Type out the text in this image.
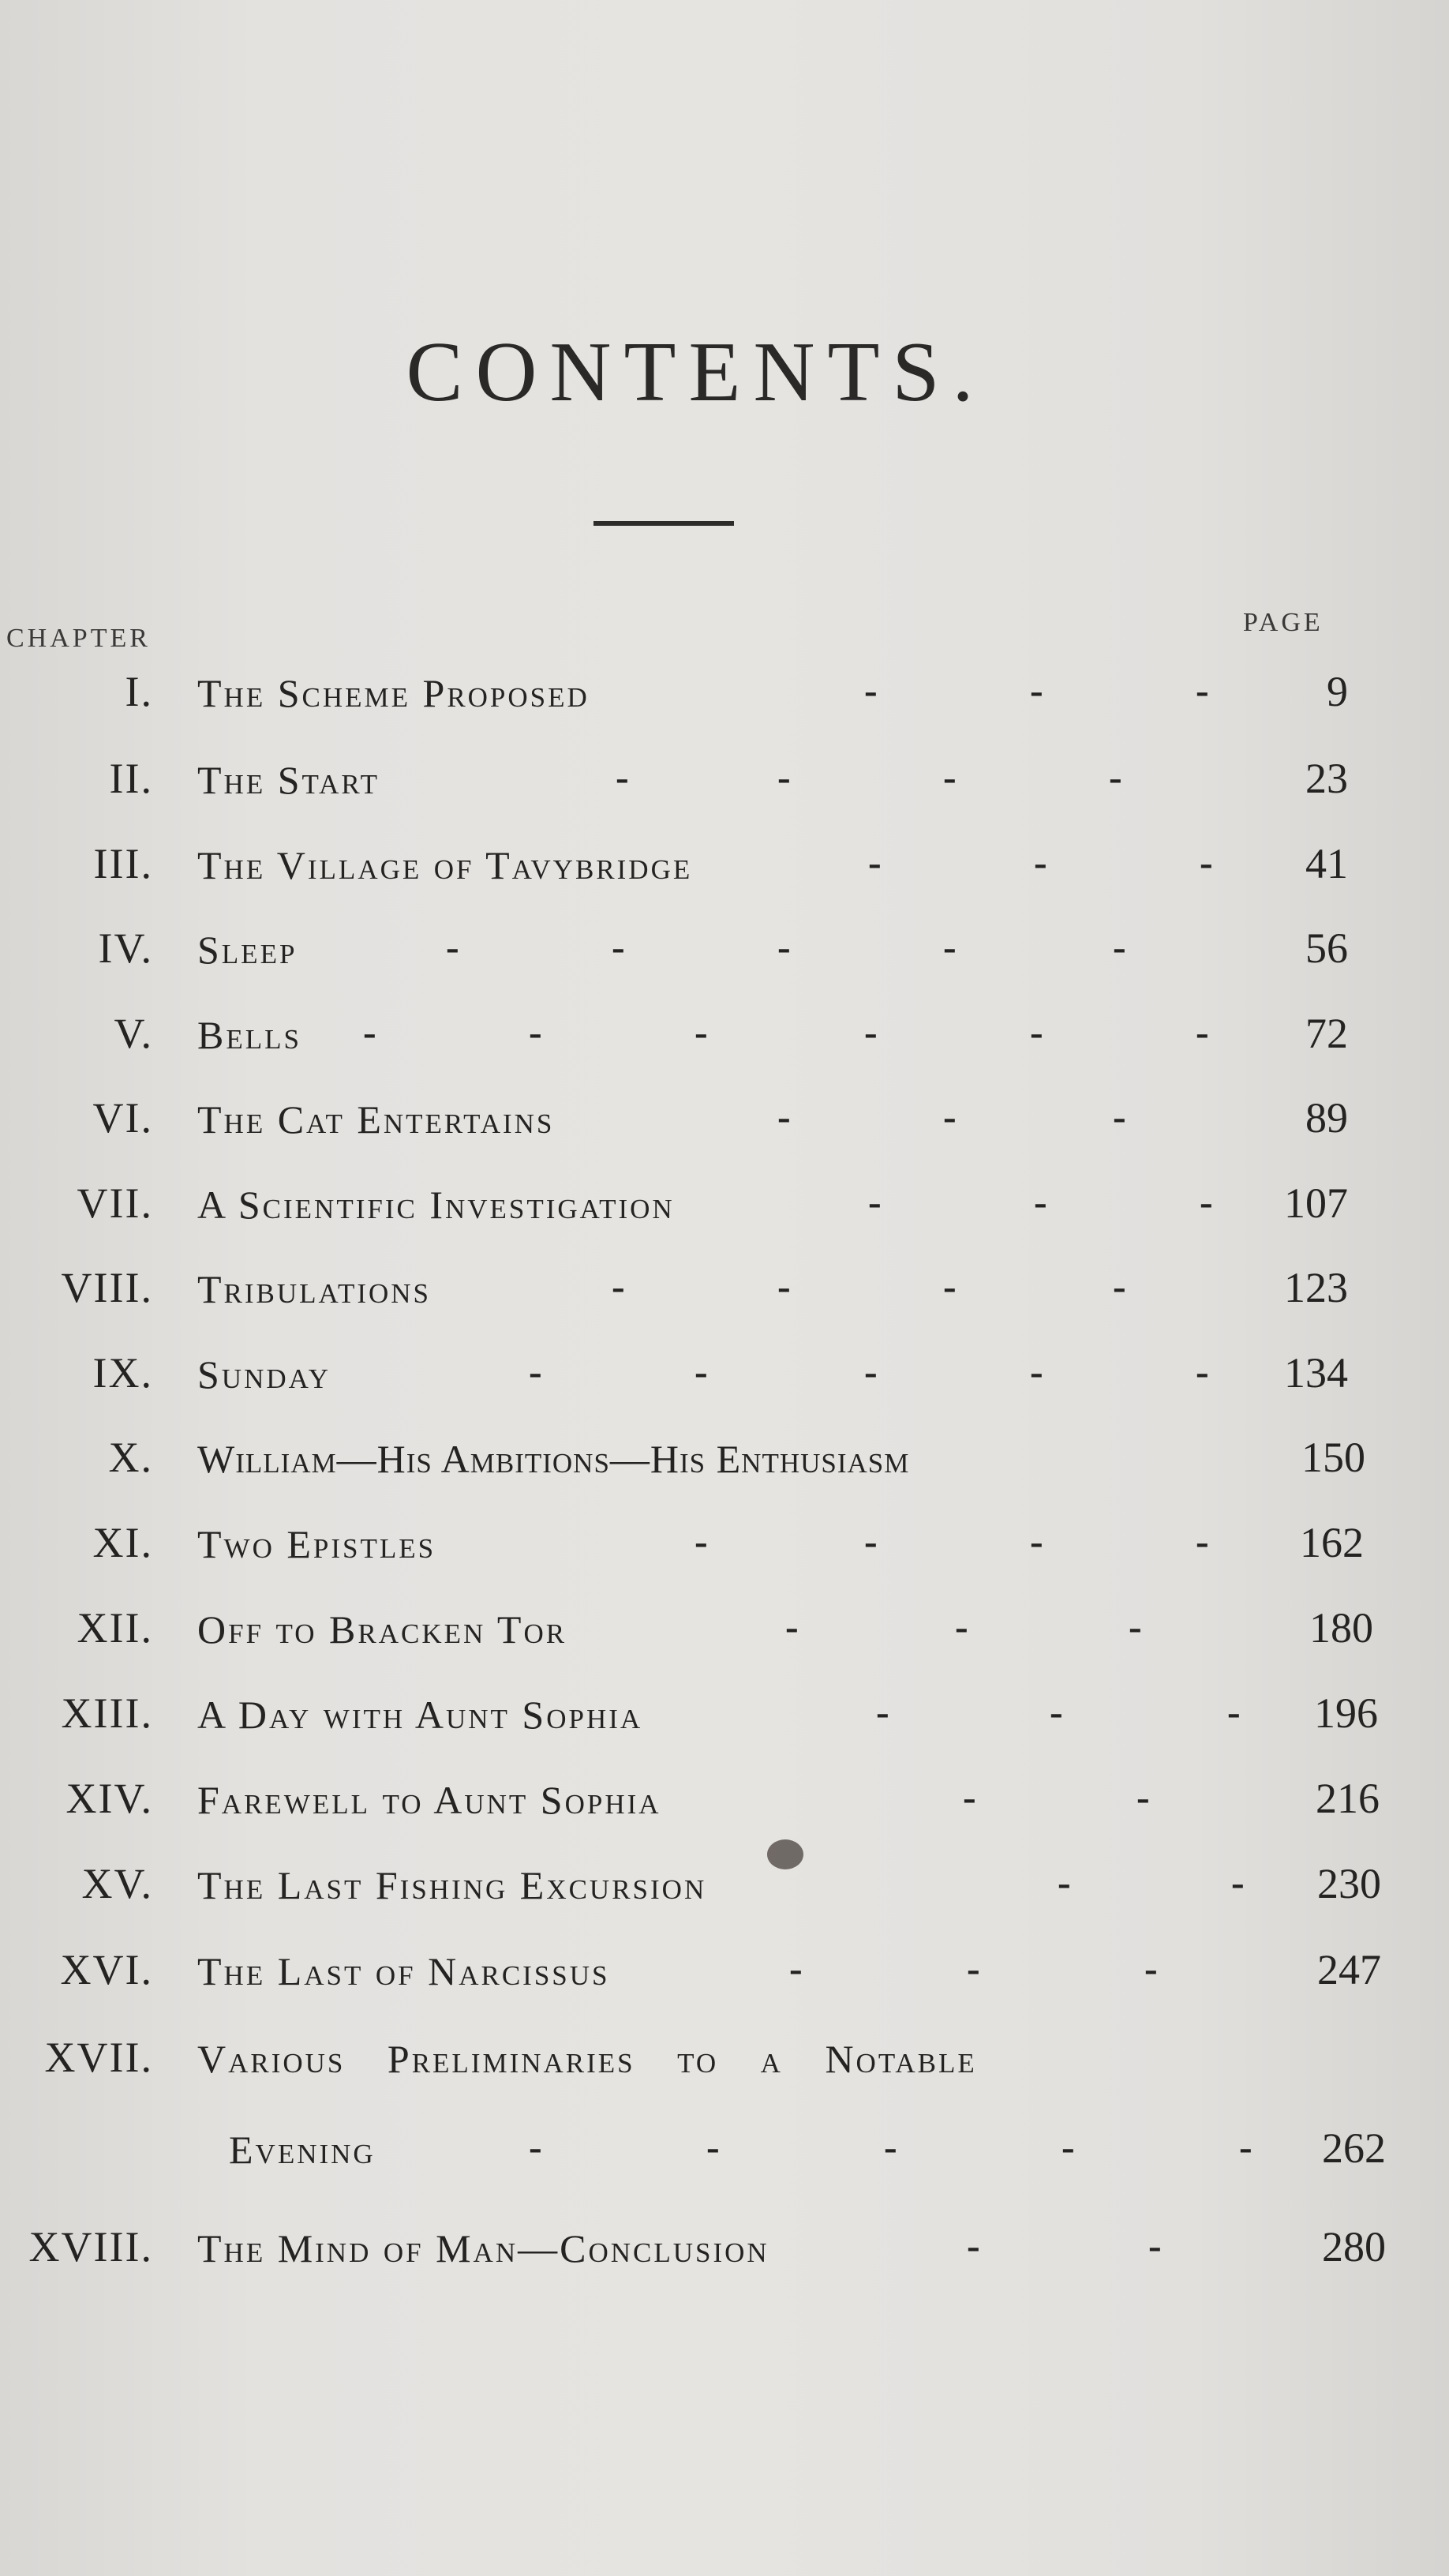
CONTENTS.
CHAPTER
PAGE
I. The Scheme Proposed	-	-	-	9
II. The Start	-	-	-	-	23
III. The Village of Tavybridge	-	-	- 41
IV. Sleep	-	-	-	-	-	56
V. Bells -	-	-	-	-	- 72
VI. The Cat Entertains	-	-	-	89
VII. A Scientific Investigation	-	-	- 107
VIII. Tribulations	-	-	-	-	123
IX. Sunday	-	-	-	-	- 134
X. William—His Ambitions—His Enthusiasm	150
XI. Two Epistles	-	-	-	- 162
XII. Off to Bracken Tor	-	-	-	180
XIII. A Day with Aunt Sophia	-	-	- 196
XIV. Farewell to Aunt Sophia	-	-	216
XV. The Last Fishing Excursion	-	- 230
XVI. The Last of Narcissus	-	-	-	247
XVII. Various Preliminaries to a Notable
Evening	-	-	-	-	- 262
XVIII. The Mind of Man—Conclusion	-	-	280
